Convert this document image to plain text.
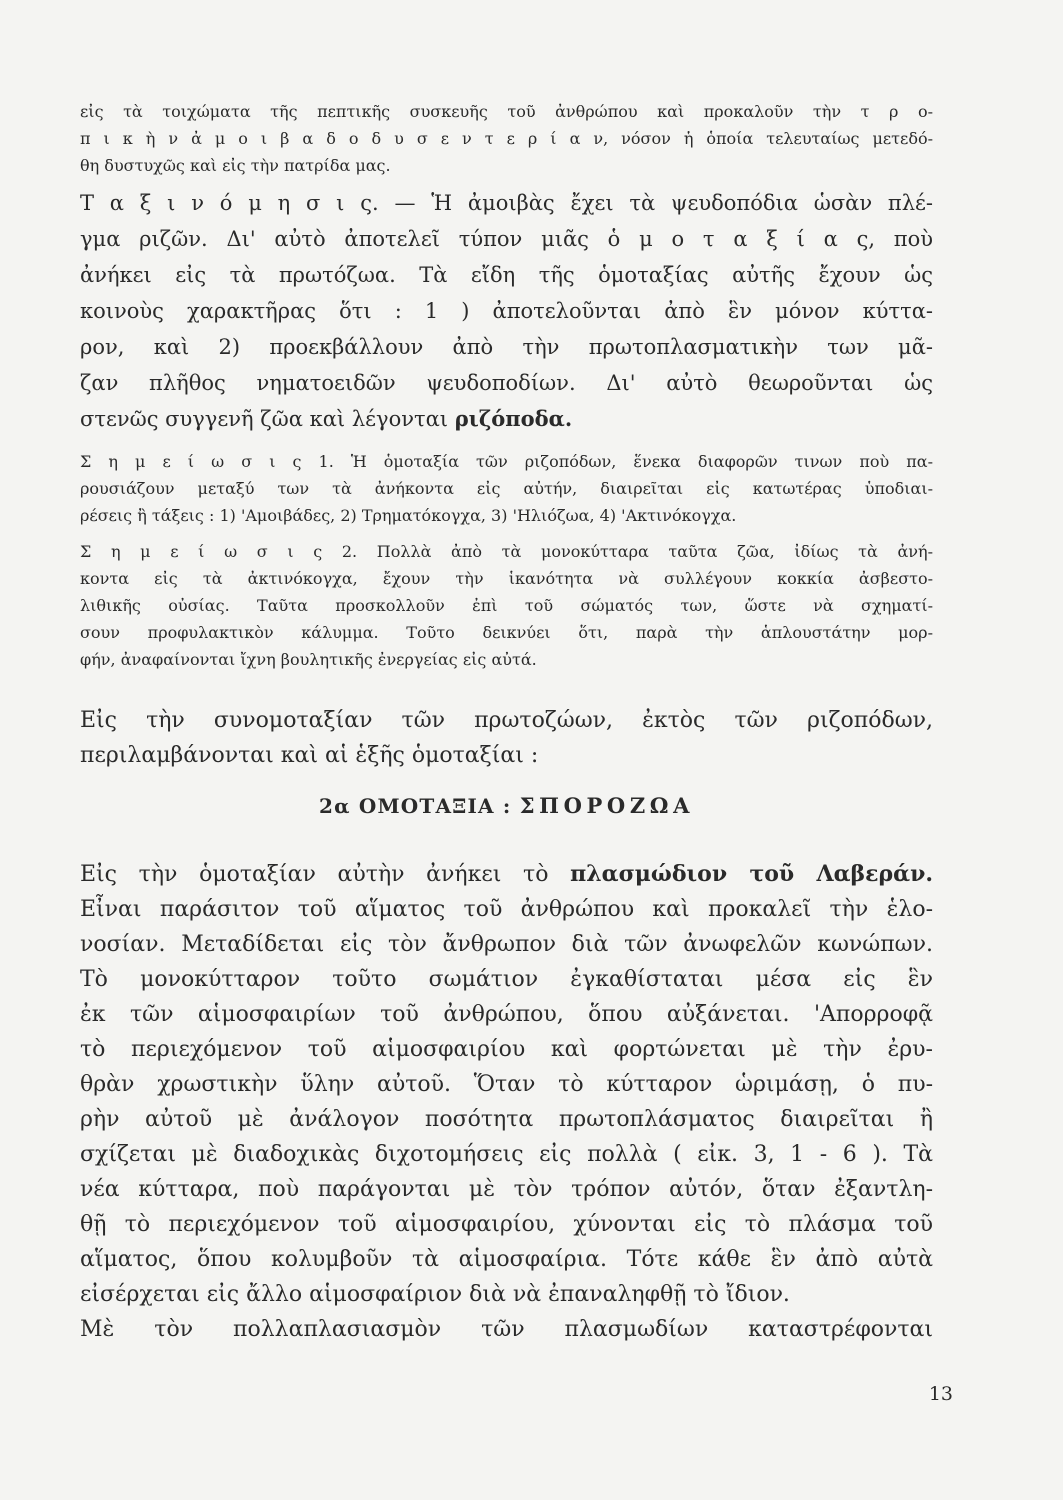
εἰς τὰ τοιχώματα τῆς πεπτικῆς συσκευῆς τοῦ ἀνθρώπου καὶ προκαλοῦν τὴν τ ρ ο-
π ι κ ὴ ν ἀ μ ο ι β α δ ο δ υ σ ε ν τ ε ρ ί α ν, νόσον ἡ ὁποία τελευταίως μετεδό-
θη δυστυχῶς καὶ εἰς τὴν πατρίδα μας.
Τ α ξ ι ν ό μ η σ ι ς. — Ἡ ἀμοιβὰς ἔχει τὰ ψευδοπόδια ὡσὰν πλέ-
γμα ριζῶν. Δι' αὐτὸ ἀποτελεῖ τύπον μιᾶς ὁ μ ο τ α ξ ί α ς, ποὺ
ἀνήκει εἰς τὰ πρωτόζωα. Τὰ εἴδη τῆς ὁμοταξίας αὐτῆς ἔχουν ὡς
κοινοὺς χαρακτῆρας ὅτι : 1 ) ἀποτελοῦνται ἀπὸ ἓν μόνον κύττα-
ρον, καὶ 2) προεκβάλλουν ἀπὸ τὴν πρωτοπλασματικὴν των μᾶ-
ζαν πλῆθος νηματοειδῶν ψευδοποδίων. Δι' αὐτὸ θεωροῦνται ὡς
στενῶς συγγενῆ ζῶα καὶ λέγονται ριζόποδα.
Σ η μ ε ί ω σ ι ς 1. Ἡ ὁμοταξία τῶν ριζοπόδων, ἕνεκα διαφορῶν τινων ποὺ πα-
ρουσιάζουν μεταξύ των τὰ ἀνήκοντα εἰς αὐτήν, διαιρεῖται εἰς κατωτέρας ὑποδιαι-
ρέσεις ἢ τάξεις : 1) 'Αμοιβάδες, 2) Τρηματόκογχα, 3) 'Ηλιόζωα, 4) 'Ακτινόκογχα.
Σ η μ ε ί ω σ ι ς 2. Πολλὰ ἀπὸ τὰ μονοκύτταρα ταῦτα ζῶα, ἰδίως τὰ ἀνή-
κοντα εἰς τὰ ἀκτινόκογχα, ἔχουν τὴν ἱκανότητα νὰ συλλέγουν κοκκία ἀσβεστο-
λιθικῆς οὐσίας. Ταῦτα προσκολλοῦν ἐπὶ τοῦ σώματός των, ὥστε νὰ σχηματί-
σουν προφυλακτικὸν κάλυμμα. Τοῦτο δεικνύει ὅτι, παρὰ τὴν ἁπλουστάτην μορ-
φήν, ἀναφαίνονται ἴχνη βουλητικῆς ἐνεργείας εἰς αὐτά.
Εἰς τὴν συνομοταξίαν τῶν πρωτοζώων, ἐκτὸς τῶν ριζοπόδων,
περιλαμβάνονται καὶ αἱ ἑξῆς ὁμοταξίαι :
2α ΟΜΟΤΑΞΙΑ : ΣΠΟΡΟΖΩΑ
Εἰς τὴν ὁμοταξίαν αὐτὴν ἀνήκει τὸ πλασμώδιον τοῦ Λαβεράν.
Εἶναι παράσιτον τοῦ αἵματος τοῦ ἀνθρώπου καὶ προκαλεῖ τὴν ἑλο-
νοσίαν. Μεταδίδεται εἰς τὸν ἄνθρωπον διὰ τῶν ἀνωφελῶν κωνώπων.
Τὸ μονοκύτταρον τοῦτο σωμάτιον ἐγκαθίσταται μέσα εἰς ἓν
ἐκ τῶν αἱμοσφαιρίων τοῦ ἀνθρώπου, ὅπου αὐξάνεται. 'Απορροφᾷ
τὸ περιεχόμενον τοῦ αἱμοσφαιρίου καὶ φορτώνεται μὲ τὴν ἐρυ-
θρὰν χρωστικὴν ὕλην αὐτοῦ. Ὅταν τὸ κύτταρον ὡριμάσῃ, ὁ πυ-
ρὴν αὐτοῦ μὲ ἀνάλογον ποσότητα πρωτοπλάσματος διαιρεῖται ἢ
σχίζεται μὲ διαδοχικὰς διχοτομήσεις εἰς πολλὰ ( εἰκ. 3, 1 - 6 ). Τὰ
νέα κύτταρα, ποὺ παράγονται μὲ τὸν τρόπον αὐτόν, ὅταν ἐξαντλη-
θῇ τὸ περιεχόμενον τοῦ αἱμοσφαιρίου, χύνονται εἰς τὸ πλάσμα τοῦ
αἵματος, ὅπου κολυμβοῦν τὰ αἱμοσφαίρια. Τότε κάθε ἓν ἀπὸ αὐτὰ
εἰσέρχεται εἰς ἄλλο αἱμοσφαίριον διὰ νὰ ἐπαναληφθῇ τὸ ἴδιον.
Μὲ τὸν πολλαπλασιασμὸν τῶν πλασμωδίων καταστρέφονται
13
